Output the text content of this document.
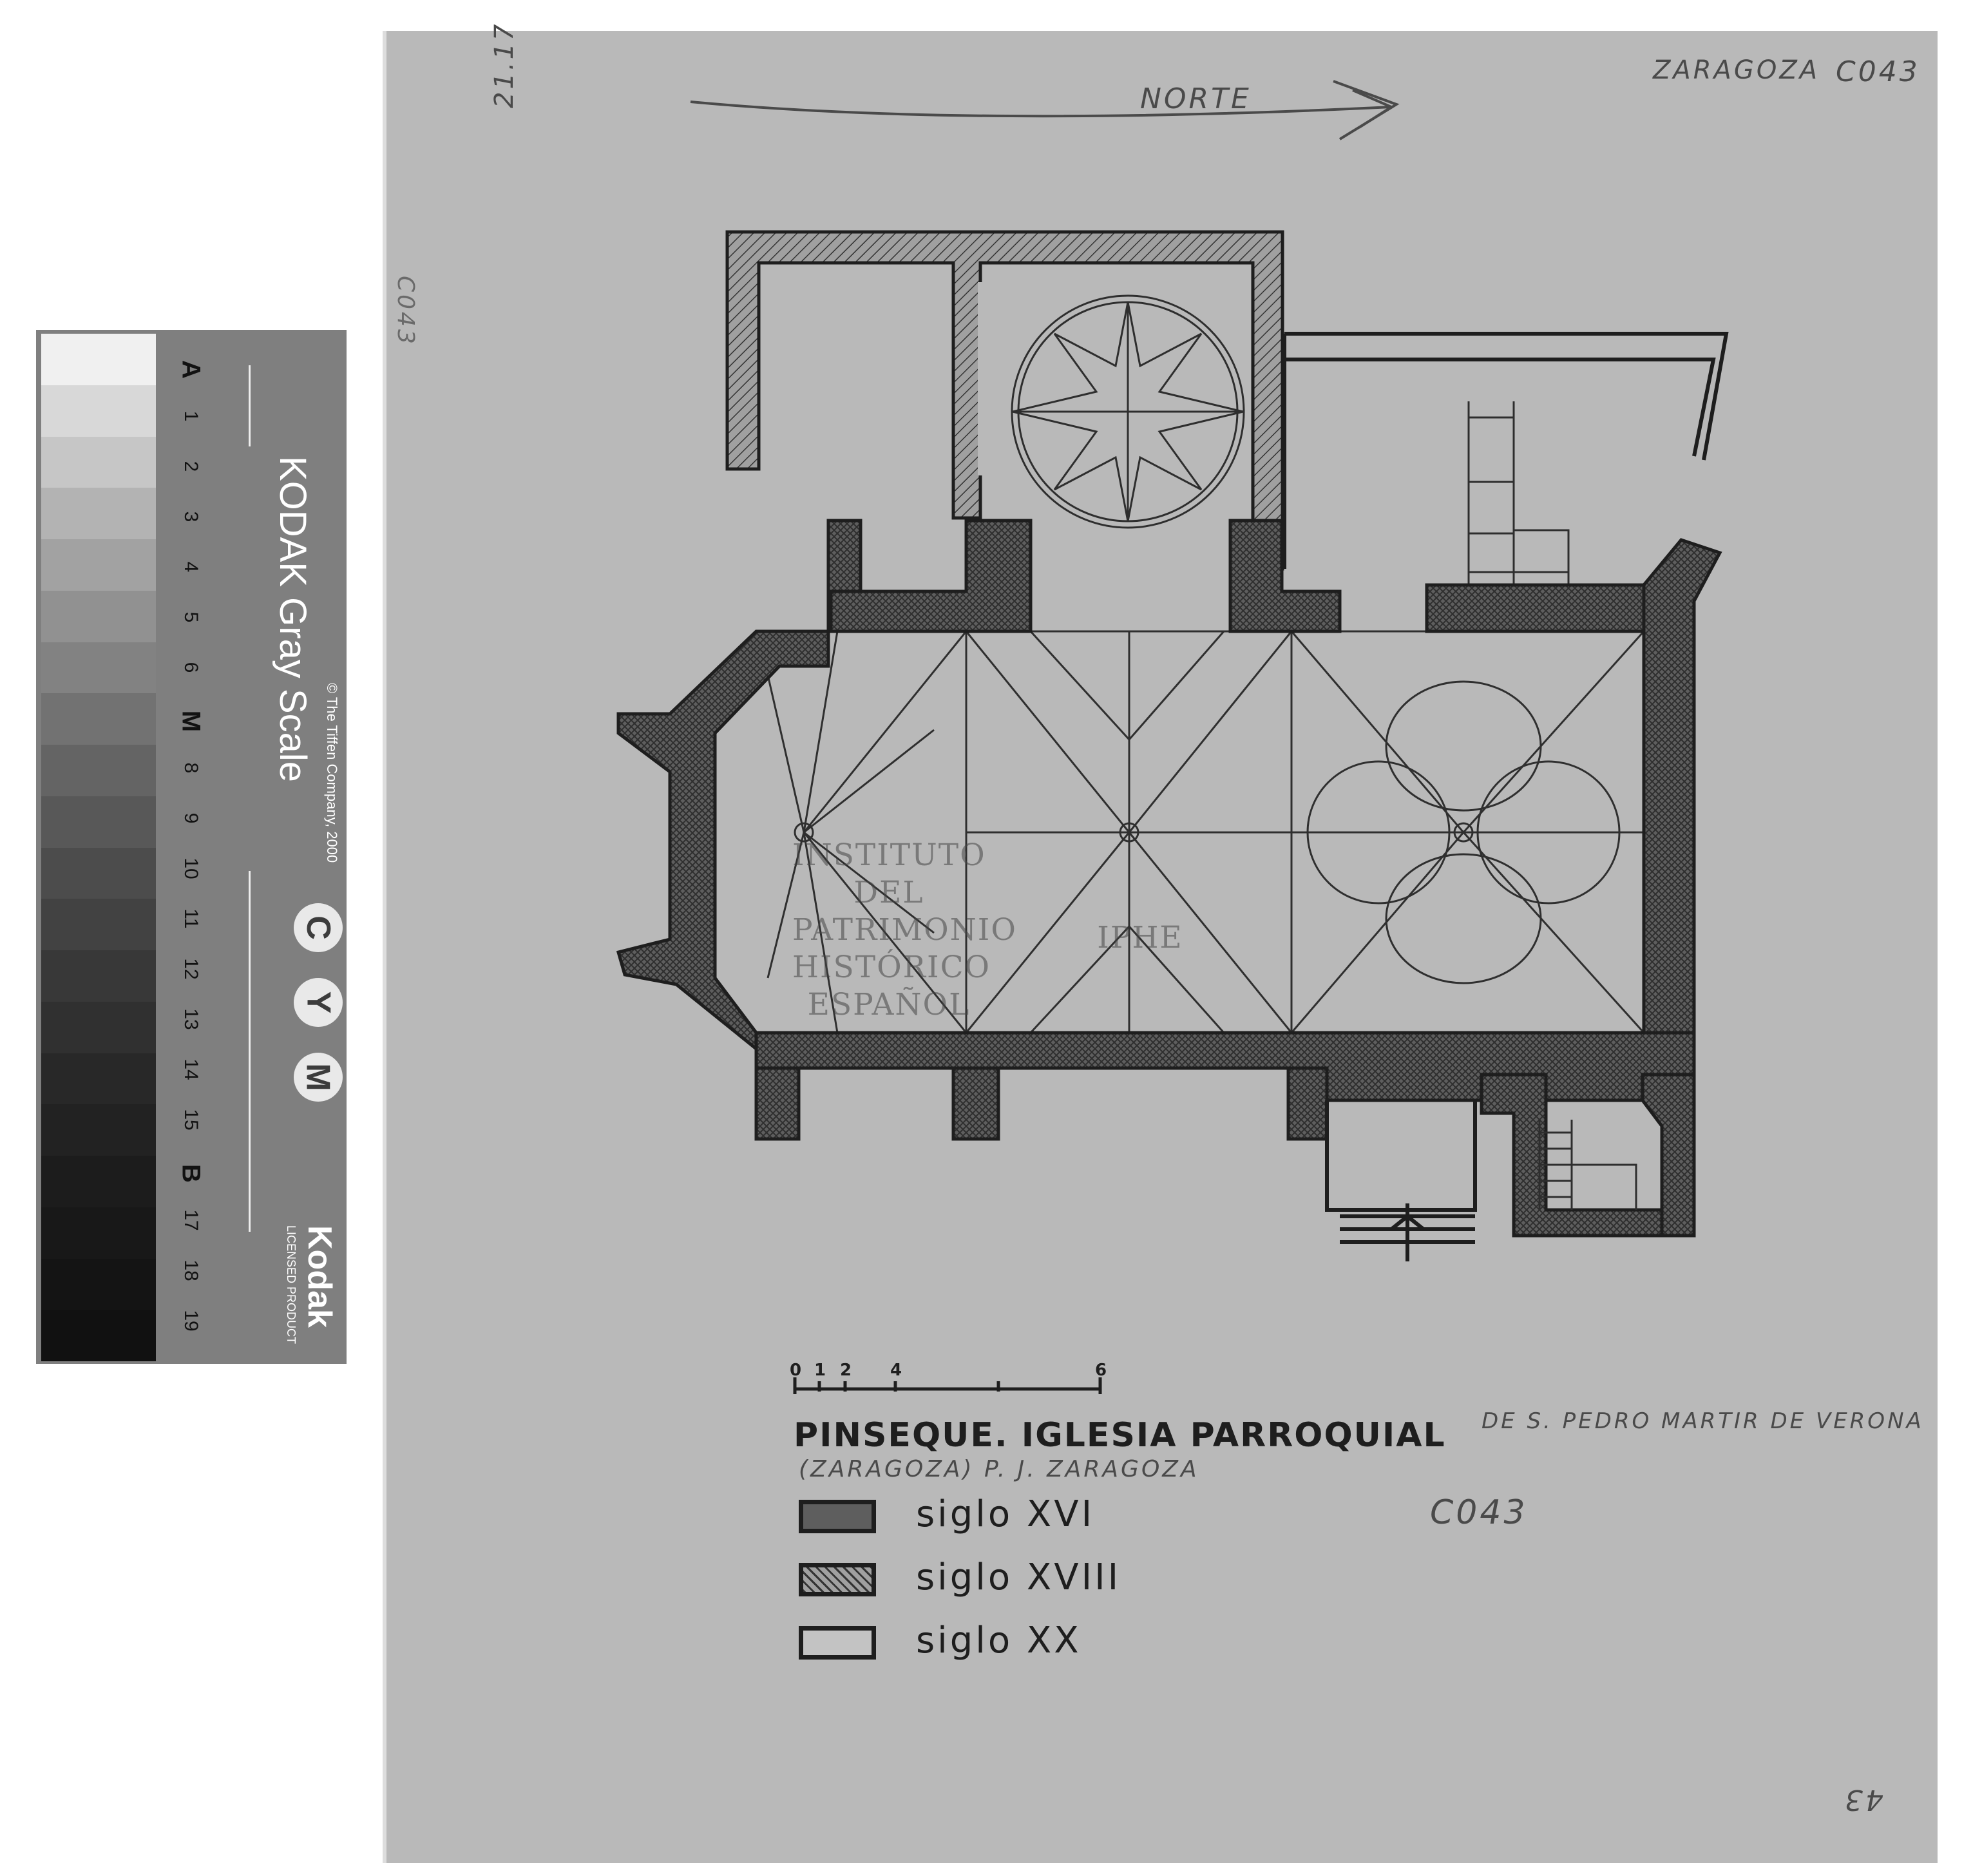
A
1
2
3
4
5
6
M
8
9
10
11
12
13
14
15
B
17
18
19
© The Tiffen Company, 2000
KODAK Gray Scale
C
Y
M
Kodak
LICENSED PRODUCT
INSTITUTO
DEL
PATRIMONIO
HISTÓRICO
ESPAÑOL
IPHE
ZARAGOZA C043
NORTE
21.17
C043
43
0 1 2 4	6
PINSEQUE. IGLESIA PARROQUIAL DE S. PEDRO MARTIR DE VERONA
(ZARAGOZA) P. J. ZARAGOZA
C043
siglo XVI
siglo XVIII
siglo XX
